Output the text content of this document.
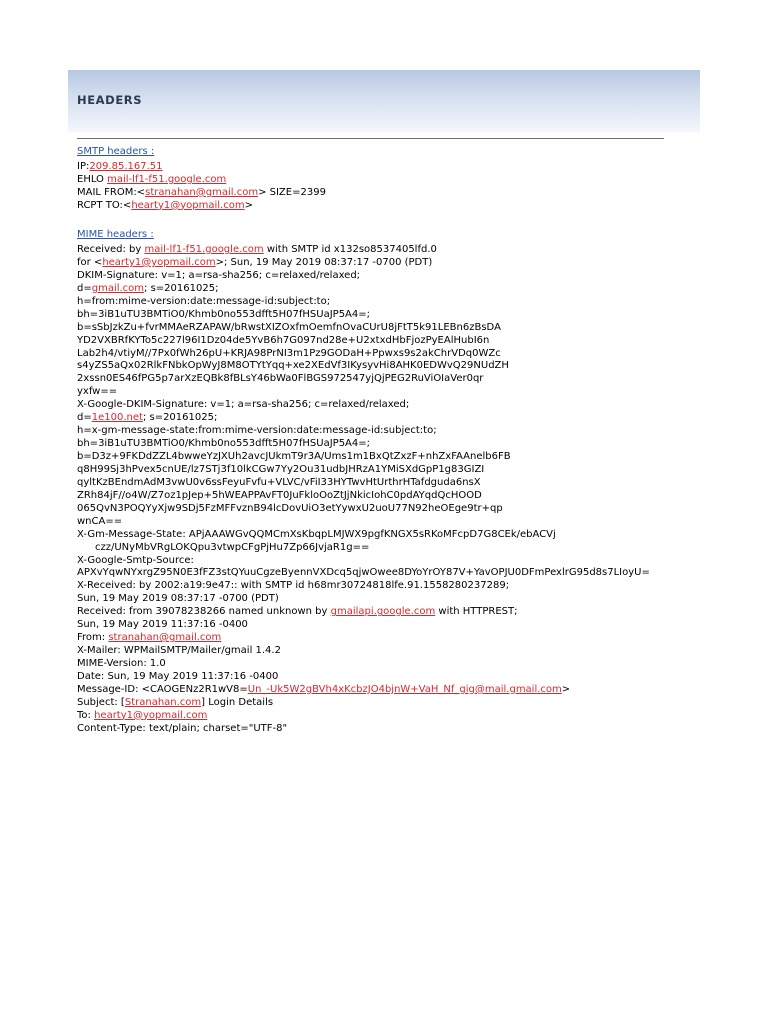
HEADERS
SMTP headers :
IP:209.85.167.51
EHLO mail-lf1-f51.google.com
MAIL FROM:<stranahan@gmail.com> SIZE=2399
RCPT TO:<hearty1@yopmail.com>
MIME headers :
Received: by mail-lf1-f51.google.com with SMTP id x132so8537405lfd.0
for <hearty1@yopmail.com>; Sun, 19 May 2019 08:37:17 -0700 (PDT)
DKIM-Signature: v=1; a=rsa-sha256; c=relaxed/relaxed;
d=gmail.com; s=20161025;
h=from:mime-version:date:message-id:subject:to;
bh=3iB1uTU3BMTiO0/Khmb0no553dfft5H07fHSUaJP5A4=;
b=sSbJzkZu+fvrMMAeRZAPAW/bRwstXIZOxfmOemfnOvaCUrU8jFtT5k91LEBn6zBsDA
YD2VXBRfKYTo5c227l96I1Dz04de5YvB6h7G097nd28e+U2xtxdHbFjozPyEAlHubI6n
Lab2h4/vtiyM//7Px0fWh26pU+KRJA98PrNI3m1Pz9GODaH+Ppwxs9s2akChrVDq0WZc
s4yZS5aQx02RlkFNbkOpWyJ8M8OTYtYqq+xe2XEdVf3IKysyvHi8AHK0EDWvQ29NUdZH
2xssn0ES46fPG5p7arXzEQBk8fBLsY46bWa0FlBGS972547yjQjPEG2RuViOIaVer0qr
yxfw==
X-Google-DKIM-Signature: v=1; a=rsa-sha256; c=relaxed/relaxed;
d=1e100.net; s=20161025;
h=x-gm-message-state:from:mime-version:date:message-id:subject:to;
bh=3iB1uTU3BMTiO0/Khmb0no553dfft5H07fHSUaJP5A4=;
b=D3z+9FKDdZZL4bwweYzJXUh2avcJUkmT9r3A/Ums1m1BxQtZxzF+nhZxFAAnelb6FB
q8H99Sj3hPvex5cnUE/lz7STj3f10lkCGw7Yy2Ou31udbJHRzA1YMiSXdGpP1g83GIZI
qyltKzBEndmAdM3vwU0v6ssFeyuFvfu+VLVC/vFiI33HYTwvHtUrthrHTafdguda6nsX
ZRh84jF//o4W/Z7oz1pJep+5hWEAPPAvFT0JuFkloOoZtJjNkicIohC0pdAYqdQcHOOD
065QvN3POQYyXjw9SDj5FzMFFvznB94lcDovUiO3etYywxU2uoU77N92heOEge9tr+qp
wnCA==
X-Gm-Message-State: APjAAAWGvQQMCmXsKbqpLMJWX9pgfKNGX5sRKoMFcpD7G8CEk/ebACVj
czz/UNyMbVRgLOKQpu3vtwpCFgPjHu7Zp66JvjaR1g==
X-Google-Smtp-Source:
APXvYqwNYxrgZ95N0E3fFZ3stQYuuCgzeByennVXDcq5qjwOwee8DYoYrOY87V+YavOPJU0DFmPexlrG95d8s7LIoyU=
X-Received: by 2002:a19:9e47:: with SMTP id h68mr30724818lfe.91.1558280237289;
Sun, 19 May 2019 08:37:17 -0700 (PDT)
Received: from 39078238266 named unknown by gmailapi.google.com with HTTPREST;
Sun, 19 May 2019 11:37:16 -0400
From: stranahan@gmail.com
X-Mailer: WPMailSMTP/Mailer/gmail 1.4.2
MIME-Version: 1.0
Date: Sun, 19 May 2019 11:37:16 -0400
Message-ID: <CAOGENz2R1wV8=Un_-Uk5W2gBVh4xKcbzJO4bjnW+VaH_Nf_gig@mail.gmail.com>
Subject: [Stranahan.com] Login Details
To: hearty1@yopmail.com
Content-Type: text/plain; charset="UTF-8"
